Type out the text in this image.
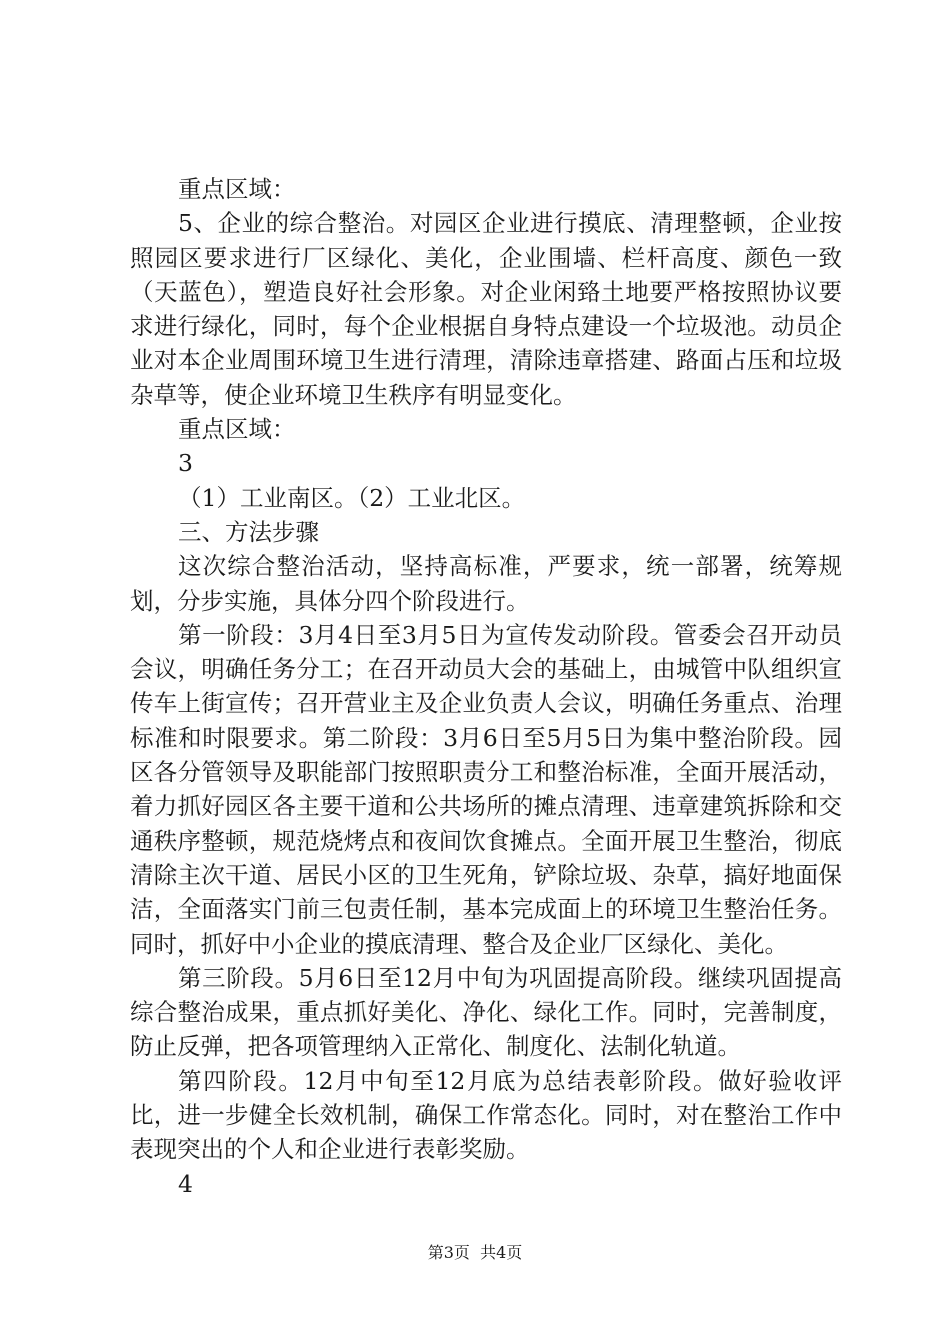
重点区域：

5、企业的综合整治。对园区企业进行摸底、清理整顿，企业按照园区要求进行厂区绿化、美化，企业围墙、栏杆高度、颜色一致（天蓝色），塑造良好社会形象。对企业闲臵土地要严格按照协议要求进行绿化，同时，每个企业根据自身特点建设一个垃圾池。动员企业对本企业周围环境卫生进行清理，清除违章搭建、路面占压和垃圾杂草等，使企业环境卫生秩序有明显变化。

重点区域：

3

（1）工业南区。（2）工业北区。

三、方法步骤

这次综合整治活动，坚持高标准，严要求，统一部署，统筹规划，分步实施，具体分四个阶段进行。

第一阶段：3月4日至3月5日为宣传发动阶段。管委会召开动员会议，明确任务分工；在召开动员大会的基础上，由城管中队组织宣传车上街宣传；召开营业主及企业负责人会议，明确任务重点、治理标准和时限要求。第二阶段：3月6日至5月5日为集中整治阶段。园区各分管领导及职能部门按照职责分工和整治标准，全面开展活动，着力抓好园区各主要干道和公共场所的摊点清理、违章建筑拆除和交通秩序整顿，规范烧烤点和夜间饮食摊点。全面开展卫生整治，彻底清除主次干道、居民小区的卫生死角，铲除垃圾、杂草，搞好地面保洁，全面落实门前三包责任制，基本完成面上的环境卫生整治任务。同时，抓好中小企业的摸底清理、整合及企业厂区绿化、美化。

第三阶段。5月6日至12月中旬为巩固提高阶段。继续巩固提高综合整治成果，重点抓好美化、净化、绿化工作。同时，完善制度，防止反弹，把各项管理纳入正常化、制度化、法制化轨道。

第四阶段。12月中旬至12月底为总结表彰阶段。做好验收评比，进一步健全长效机制，确保工作常态化。同时，对在整治工作中表现突出的个人和企业进行表彰奖励。

4

第3页 共4页
